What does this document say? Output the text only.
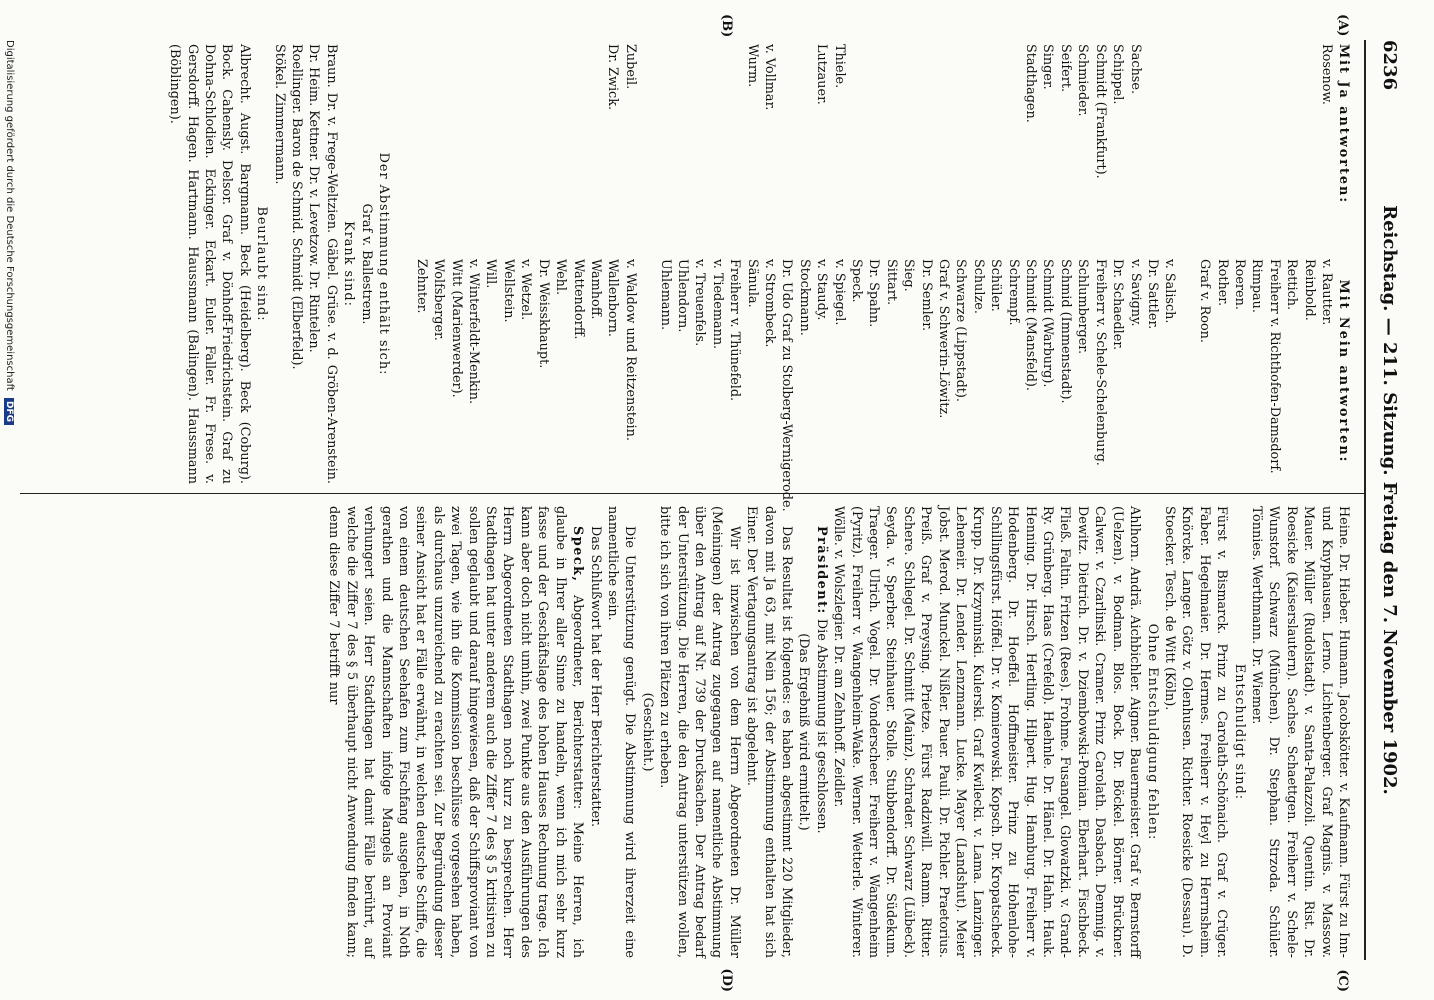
6236
Reichstag. — 211. Sitzung. Freitag den 7. November 1902.
(A)
(B)
(C)
(D)
Mit Ja antworten:
Rosenow.

Sachse.
Schippel.
Schmidt (Frankfurt).
Schmieder.
Seifert.
Singer.
Stadthagen.

Thiele.
Lutzauer.

v. Vollmar.
Wurm.

Zubeil.
Dr. Zwick.
Mit Nein antworten:
v. Rautter.
Reinbold.
Rettich.
Freiherr v. Richthofen-Damsdorf.
Rimpau.
Roeren.
Rother.
Graf v. Roon.

v. Salisch.
Dr. Sattler.
v. Savigny.
Dr. Schaedler.
Freiherr v. Schele-Schelenburg.
Schlumberger.
Schmid (Immenstadt).
Schmidt (Warburg).
Schmidt (Mansfeld).
Schrempf.
Schüler.
Schulze.
Schwarze (Lippstadt).
Graf v. Schwerin-Löwitz.
Dr. Semler.
Sieg.
Sittart.
Dr. Spahn.
Speck.
v. Spiegel.
v. Staudy.
Stockmann.
Dr. Udo Graf zu Stolberg-Wernigerode.
v. Strombeck.
Sänula.
Freiherr v. Thünefeld.
v. Tiedemann.
v. Treuenfels.
Uhlendorn.
Uhlemann.

v. Waldow und Reitzenstein.
Wallenborn.
Wamhoff.
Wattendorff.
Wehl.
Dr. Weisskhaupt.
v. Wetzel.
Wellstein.
Will.
v. Winterfeldt-Menkin.
Witt (Marienwerder).
Wolfsberger.
Zehnter.
Der Abstimmung enthält sich:
Graf v. Ballestrem.
Krank sind:

Braun. Dr. v. Frege-Weltzien. Gäbel. Grüse. v. d. Gröben-Arenstein. Dr. Heim. Kettner. Dr. v. Levetzow. Dr. Rintelen.

Roellinger. Baron de Schmid. Schmidt (Elberfeld).

Stökel. Zimmermann.

Beurlaubt sind:

Albrecht. Augst. Bargmann. Beck (Heidelberg). Beck (Coburg). Bock. Cahensly. Delsor. Graf v. Dönhoff-Friedrichstein. Graf zu Dohna-Schlodien. Eckinger. Eckart. Euler. Faller. Fr. Frese. v. Gersdorff. Hagen. Hartmann. Haussmann (Balingen). Haussmann (Böblingen).

Heine. Dr. Hieber. Humann. Jacobskötter. v. Kaufmann. Fürst zu Inn- und Knyphausen. Lerno. Lichtenberger. Graf Magnis. v. Massow. Mauer. Müller (Rudolstadt). v. Santa-Palazzoli. Quentin. Rist. Dr. Roesicke (Kaiserslautern). Sachse. Schaettgen. Freiherr v. Schele-Wunstorf. Schwarz (München). Dr. Stephan. Strzoda. Schüler. Tönnies. Werthmann. Dr. Wiemer.

Entschuldigt sind:

Fürst v. Bismarck. Prinz zu Carolath-Schönaich. Graf v. Crüger. Faber. Hegelmaier. Dr. Hermes. Freiherr v. Heyl zu Herrnsheim. Knörcke. Langer. Götz v. Olenhusen. Richter. Roesicke (Dessau). D. Stoecker. Tesch. de Witt (Köln).

Ohne Entschuldigung fehlen:

Ahlhorn. Andrä. Aichbichler. Aigner. Bauermeister. Graf v. Bernstorff (Uelzen). v. Bodman. Blos. Bock. Dr. Böckel. Börner. Brückner. Calwer. v. Czarlinski. Cramer. Prinz Carolath. Dasbach. Demmig. v. Dewitz. Dietrich. Dr. v. Dziembowski-Pomian. Eberhart. Fischbeck. Fließ. Faltin. Fritzen (Rees). Frohme. Fusangel. Glowatzki. v. Grand-Ry. Grünberg. Haas (Crefeld). Haehnle. Dr. Hänel. Dr. Hahn. Hauk. Henning. Dr. Hirsch. Hertling. Hilpert. Hug. Hamburg. Freiherr v. Hodenberg. Dr. Hoeffel. Hoffmeister. Prinz zu Hohenlohe-Schillingsfürst. Höffel. Dr. v. Komierowski. Kopsch. Dr. Kropatscheck. Krupp. Dr. Krzyminski. Kulerski. Graf Kwilecki. v. Lama. Lanzinger. Lehemeir. Dr. Lender. Lenzmann. Lucke. Mayer (Landshut). Meier Jobst. Merod. Munckel. Nißler. Pauer. Pauli. Dr. Pichler. Praetorius. Preiß. Graf v. Preysing. Prietze. Fürst Radziwill. Ramm. Ritter. Schere. Schlegel. Dr. Schmitt (Mainz). Schrader. Schwarz (Lübeck). Seyda. v. Sperber. Steinhauer. Stolle. Stubbendorff. Dr. Südekum. Traeger. Ulrich. Vogel. Dr. Vonderscheer. Freiherr v. Wangenheim (Pyritz). Freiherr v. Wangenheim-Wake. Werner. Wetterle. Winterer. Wölle. v. Wolszlegier. Dr. am Zehnhoff. Zeidler.

Präsident: Die Abstimmung ist geschlossen.

(Das Ergebniß wird ermittelt.)

Das Resultat ist folgendes: es haben abgestimmt 220 Mitglieder, davon mit Ja 63, mit Nein 156; der Abstimmung enthalten hat sich Einer. Der Vertagungsantrag ist abgelehnt.

Wir ist inzwischen von dem Herrn Abgeordneten Dr. Müller (Meiningen) der Antrag zugegangen auf namentliche Abstimmung über den Antrag auf Nr. 739 der Drucksachen. Der Antrag bedarf der Unterstützung. Die Herren, die den Antrag unterstützen wollen, bitte ich sich von ihren Plätzen zu erheben.

(Geschieht.)

Die Unterstützung genügt. Die Abstimmung wird ihrerzeit eine namentliche sein.

Das Schlußwort hat der Herr Berichterstatter.

Speck, Abgeordneter, Berichterstatter: Meine Herren, ich glaube in Ihrer aller Sinne zu handeln, wenn ich mich sehr kurz fasse und der Geschäftslage des hohen Hauses Rechnung trage. Ich kann aber doch nicht umhin, zwei Punkte aus den Ausführungen des Herrn Abgeordneten Stadthagen noch kurz zu besprechen. Herr Stadthagen hat unter anderem auch die Ziffer 7 des § 5 kritisiren zu sollen geglaubt und darauf hingewiesen, daß der Schiffsproviant von zwei Tagen, wie ihn die Kommission beschlüsse vorgesehen haben, als durchaus unzureichend zu erachten sei. Zur Begründung dieser seiner Ansicht hat er Fälle erwähnt, in welchen deutsche Schiffe, die von einem deutschen Seehafen zum Fischfang ausgehen, in Noth gerathen und die Mannschaften infolge Mangels an Proviant verhungert seien. Herr Stadthagen hat damit Fälle berührt, auf welche die Ziffer 7 des § 5 überhaupt nicht Anwendung finden kann; denn diese Ziffer 7 betrifft nur

Digitalisierung gefördert durch die Deutsche Forschungsgemeinschaft DFG
